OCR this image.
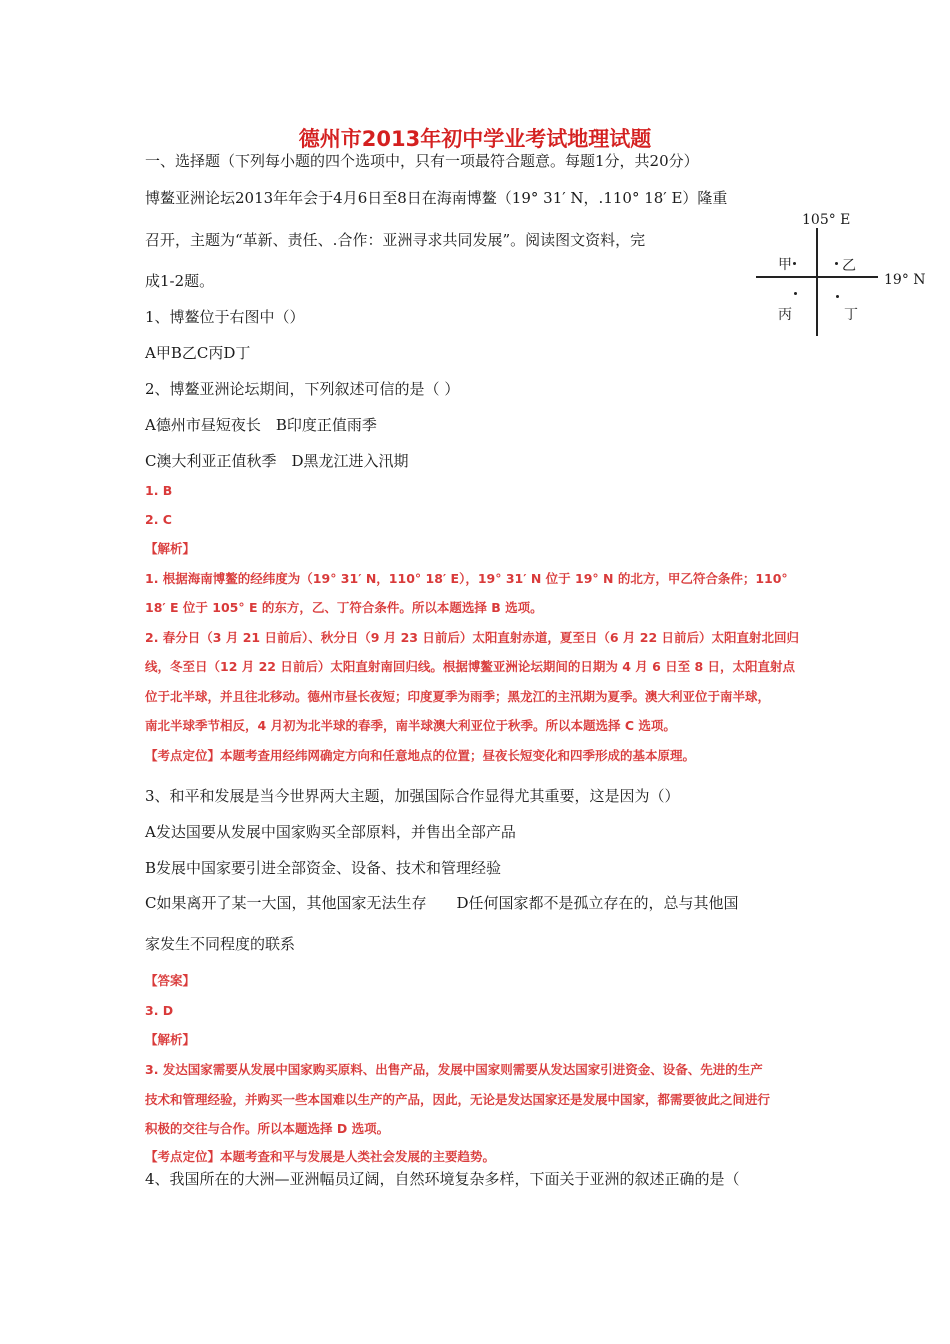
德州市2013年初中学业考试地理试题
一、选择题（下列每小题的四个选项中，只有一项最符合题意。每题1分，共20分）
博鳌亚洲论坛2013年年会于4月6日至8日在海南博鳌（19° 31′ N，.110° 18′ E）隆重
召开，主题为“革新、责任、.合作：亚洲寻求共同发展”。阅读图文资料，完
成1-2题。
1、博鳌位于右图中（）
A甲B乙C丙D丁
2、博鳌亚洲论坛期间，下列叙述可信的是（ ）
A德州市昼短夜长　B印度正值雨季
C澳大利亚正值秋季　D黑龙江进入汛期
1. B
2. C
【解析】
1. 根据海南博鳌的经纬度为（19° 31′ N，110° 18′ E），19° 31′ N 位于 19° N 的北方，甲乙符合条件；110°
18′ E 位于 105° E 的东方，乙、丁符合条件。所以本题选择 B 选项。
2. 春分日（3 月 21 日前后）、秋分日（9 月 23 日前后）太阳直射赤道，夏至日（6 月 22 日前后）太阳直射北回归
线，冬至日（12 月 22 日前后）太阳直射南回归线。根据博鳌亚洲论坛期间的日期为 4 月 6 日至 8 日，太阳直射点
位于北半球，并且往北移动。德州市昼长夜短；印度夏季为雨季；黑龙江的主汛期为夏季。澳大利亚位于南半球，
南北半球季节相反，4 月初为北半球的春季，南半球澳大利亚位于秋季。所以本题选择 C 选项。
【考点定位】本题考查用经纬网确定方向和任意地点的位置；昼夜长短变化和四季形成的基本原理。
3、和平和发展是当今世界两大主题，加强国际合作显得尤其重要，这是因为（）
A发达国要从发展中国家购买全部原料，并售出全部产品
B发展中国家要引进全部资金、设备、技术和管理经验
C如果离开了某一大国，其他国家无法生存　　D任何国家都不是孤立存在的，总与其他国
家发生不同程度的联系
【答案】
3. D
【解析】
3. 发达国家需要从发展中国家购买原料、出售产品，发展中国家则需要从发达国家引进资金、设备、先进的生产
技术和管理经验，并购买一些本国难以生产的产品，因此，无论是发达国家还是发展中国家，都需要彼此之间进行
积极的交往与合作。所以本题选择 D 选项。
【考点定位】本题考查和平与发展是人类社会发展的主要趋势。
4、我国所在的大洲—亚洲幅员辽阔，自然环境复杂多样，下面关于亚洲的叙述正确的是（
105° E
19° N
甲	乙
丙	丁
